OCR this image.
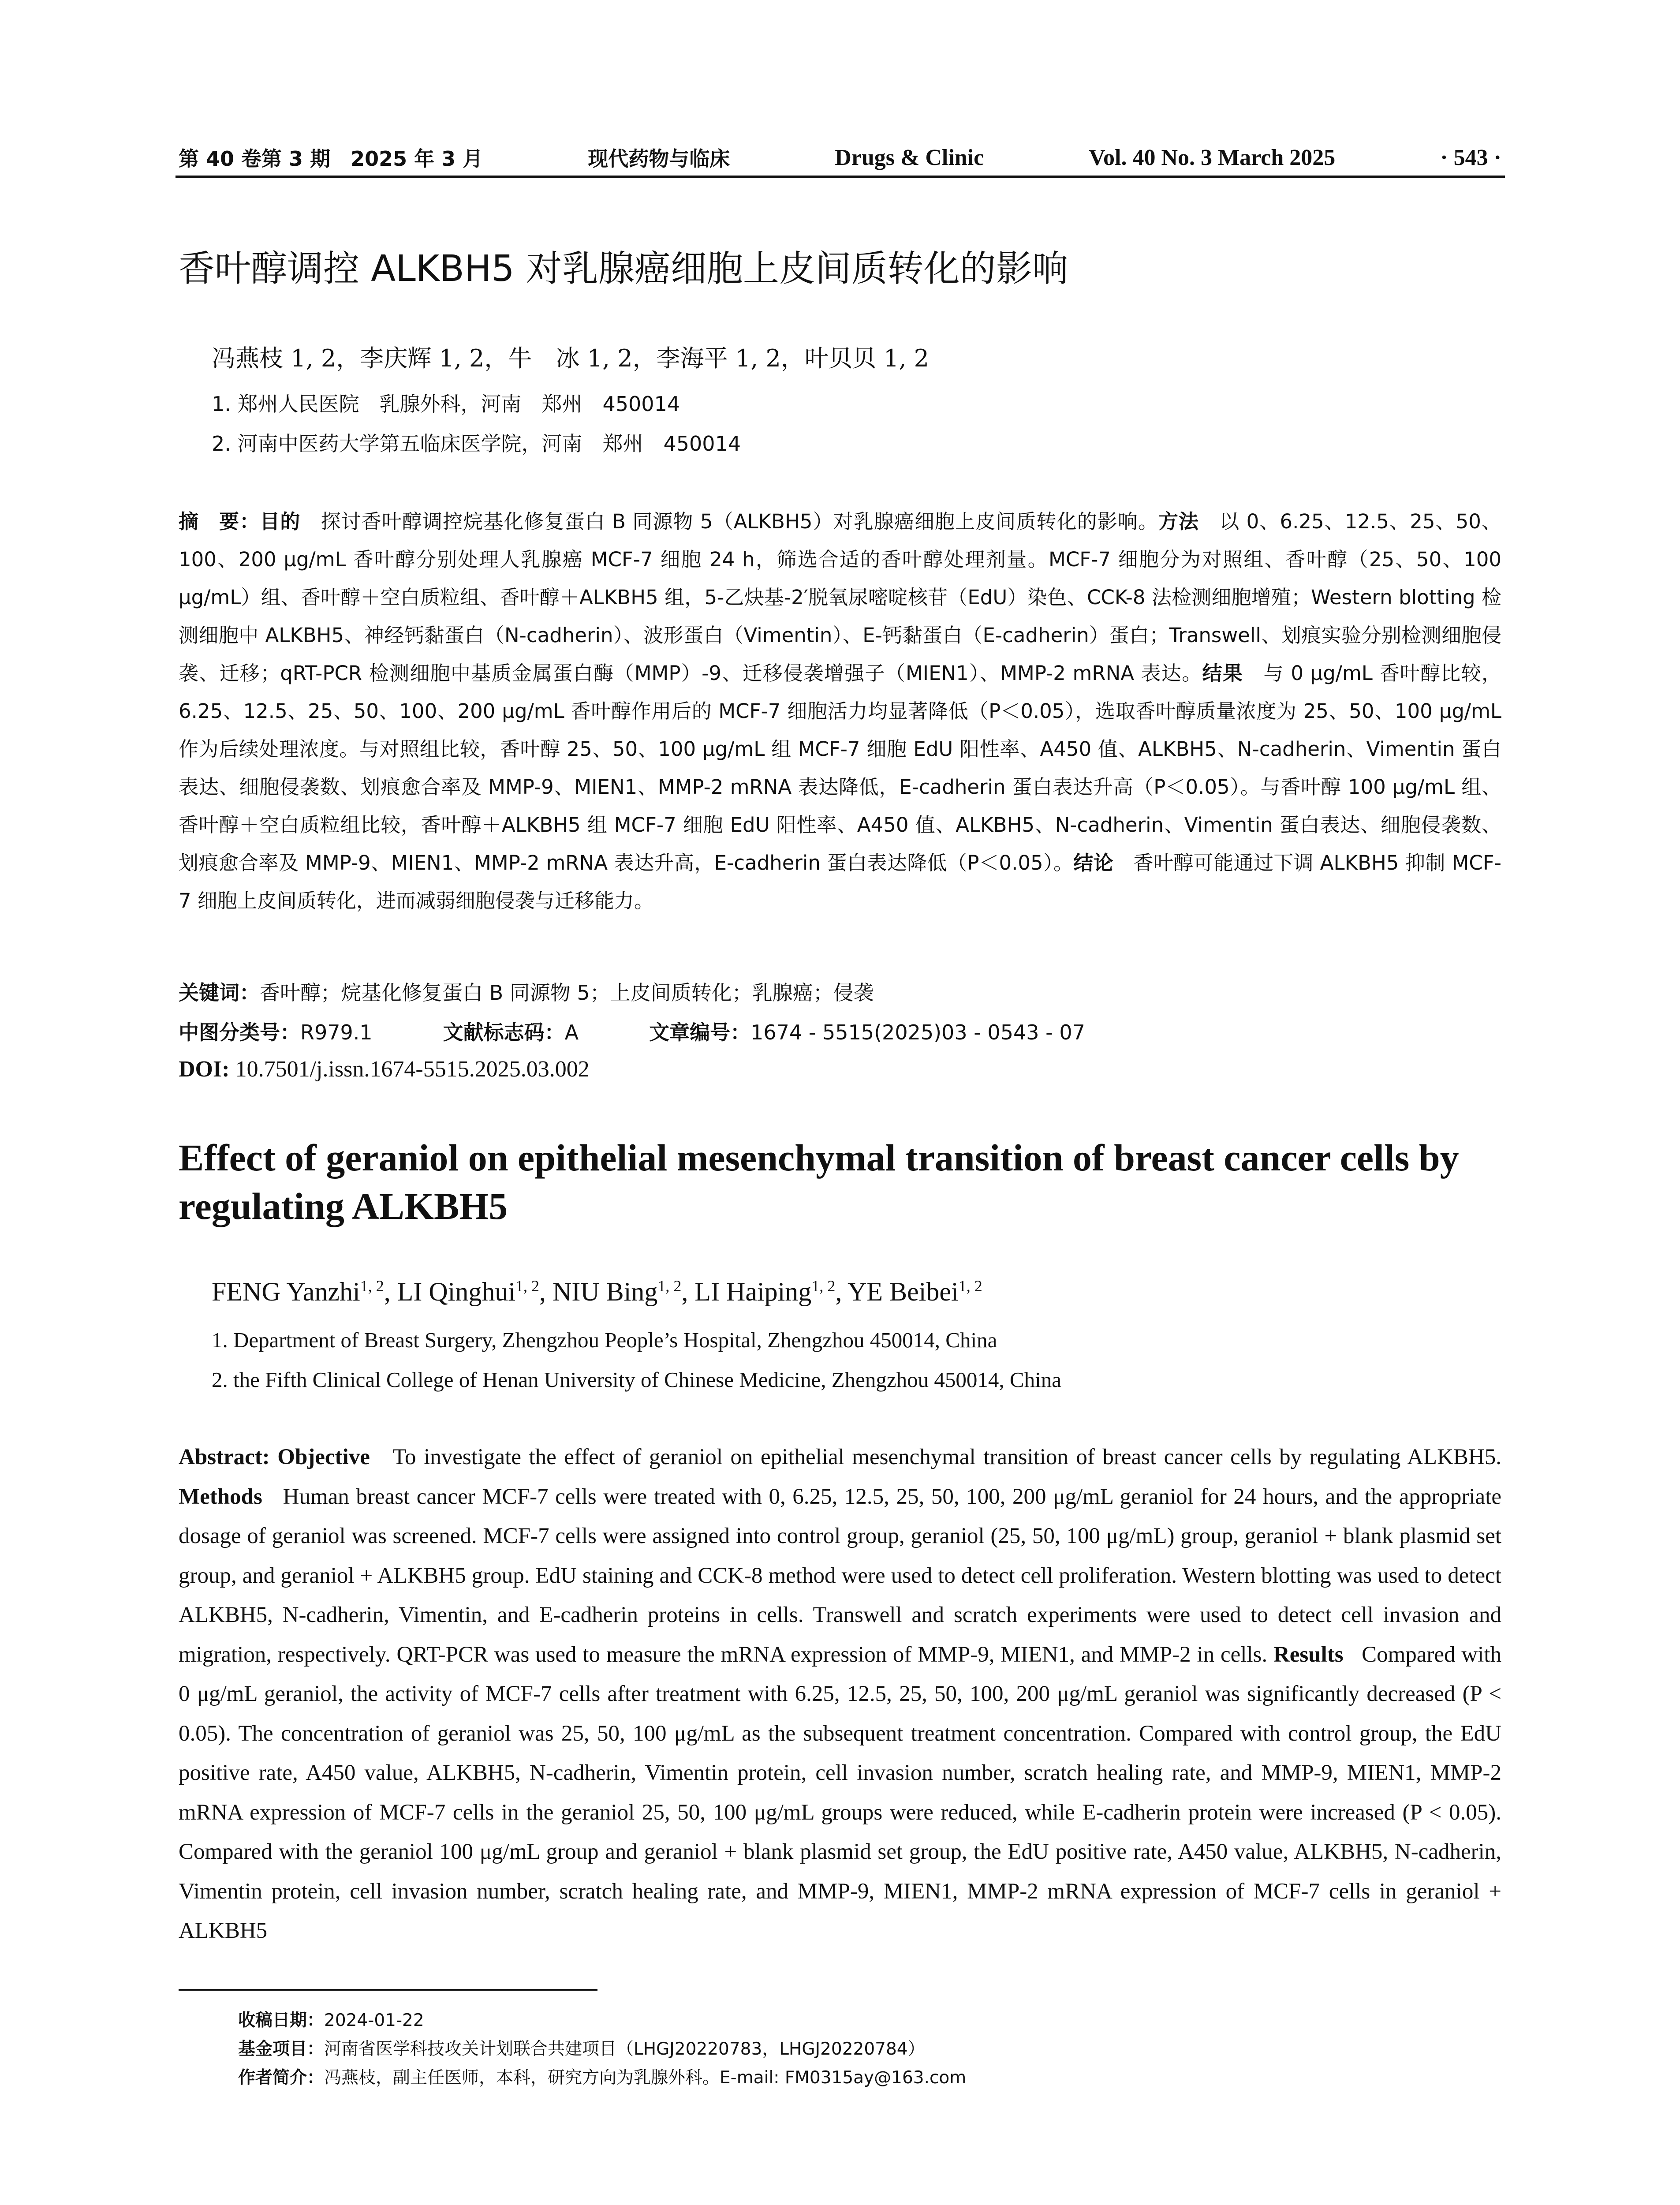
第 40 卷第 3 期　2025 年 3 月	现代药物与临床	Drugs & Clinic	Vol. 40 No. 3 March 2025	· 543 ·
香叶醇调控 ALKBH5 对乳腺癌细胞上皮间质转化的影响
冯燕枝 1, 2，李庆辉 1, 2，牛　冰 1, 2，李海平 1, 2，叶贝贝 1, 2
1. 郑州人民医院　乳腺外科，河南　郑州　450014
2. 河南中医药大学第五临床医学院，河南　郑州　450014
摘　要：目的　 探讨香叶醇调控烷基化修复蛋白 B 同源物 5（ALKBH5）对乳腺癌细胞上皮间质转化的影响。方法　 以 0、6.25、12.5、25、50、100、200 μg/mL 香叶醇分别处理人乳腺癌 MCF-7 细胞 24 h，筛选合适的香叶醇处理剂量。MCF-7 细胞分为对照组、香叶醇（25、50、100 μg/mL）组、香叶醇＋空白质粒组、香叶醇＋ALKBH5 组，5-乙炔基-2′脱氧尿嘧啶核苷（EdU）染色、CCK-8 法检测细胞增殖；Western blotting 检测细胞中 ALKBH5、神经钙黏蛋白（N-cadherin）、波形蛋白（Vimentin）、E-钙黏蛋白（E-cadherin）蛋白；Transwell、划痕实验分别检测细胞侵袭、迁移；qRT-PCR 检测细胞中基质金属蛋白酶（MMP）-9、迁移侵袭增强子（MIEN1）、MMP-2 mRNA 表达。结果　 与 0 μg/mL 香叶醇比较，6.25、12.5、25、50、100、200 μg/mL 香叶醇作用后的 MCF-7 细胞活力均显著降低（P＜0.05），选取香叶醇质量浓度为 25、50、100 μg/mL 作为后续处理浓度。与对照组比较，香叶醇 25、50、100 μg/mL 组 MCF-7 细胞 EdU 阳性率、A450 值、ALKBH5、N-cadherin、Vimentin 蛋白表达、细胞侵袭数、划痕愈合率及 MMP-9、MIEN1、MMP-2 mRNA 表达降低，E-cadherin 蛋白表达升高（P＜0.05）。与香叶醇 100 μg/mL 组、香叶醇＋空白质粒组比较，香叶醇＋ALKBH5 组 MCF-7 细胞 EdU 阳性率、A450 值、ALKBH5、N-cadherin、Vimentin 蛋白表达、细胞侵袭数、划痕愈合率及 MMP-9、MIEN1、MMP-2 mRNA 表达升高，E-cadherin 蛋白表达降低（P＜0.05）。结论　 香叶醇可能通过下调 ALKBH5 抑制 MCF-7 细胞上皮间质转化，进而减弱细胞侵袭与迁移能力。
关键词：香叶醇；烷基化修复蛋白 B 同源物 5；上皮间质转化；乳腺癌；侵袭
中图分类号：R979.1	文献标志码：A	文章编号：1674 - 5515(2025)03 - 0543 - 07
DOI: 10.7501/j.issn.1674-5515.2025.03.002
Effect of geraniol on epithelial mesenchymal transition of breast cancer cells by regulating ALKBH5
FENG Yanzhi$^{1, 2}$, LI Qinghui$^{1, 2}$, NIU Bing$^{1, 2}$, LI Haiping$^{1, 2}$, YE Beibei$^{1, 2}$
1. Department of Breast Surgery, Zhengzhou People’s Hospital, Zhengzhou 450014, China
2. the Fifth Clinical College of Henan University of Chinese Medicine, Zhengzhou 450014, China
Abstract: Objective To investigate the effect of geraniol on epithelial mesenchymal transition of breast cancer cells by regulating ALKBH5. Methods Human breast cancer MCF-7 cells were treated with 0, 6.25, 12.5, 25, 50, 100, 200 μg/mL geraniol for 24 hours, and the appropriate dosage of geraniol was screened. MCF-7 cells were assigned into control group, geraniol (25, 50, 100 μg/mL) group, geraniol + blank plasmid set group, and geraniol + ALKBH5 group. EdU staining and CCK-8 method were used to detect cell proliferation. Western blotting was used to detect ALKBH5, N-cadherin, Vimentin, and E-cadherin proteins in cells. Transwell and scratch experiments were used to detect cell invasion and migration, respectively. QRT-PCR was used to measure the mRNA expression of MMP-9, MIEN1, and MMP-2 in cells. Results Compared with 0 μg/mL geraniol, the activity of MCF-7 cells after treatment with 6.25, 12.5, 25, 50, 100, 200 μg/mL geraniol was significantly decreased (P < 0.05). The concentration of geraniol was 25, 50, 100 μg/mL as the subsequent treatment concentration. Compared with control group, the EdU positive rate, A450 value, ALKBH5, N-cadherin, Vimentin protein, cell invasion number, scratch healing rate, and MMP-9, MIEN1, MMP-2 mRNA expression of MCF-7 cells in the geraniol 25, 50, 100 μg/mL groups were reduced, while E-cadherin protein were increased (P < 0.05). Compared with the geraniol 100 μg/mL group and geraniol + blank plasmid set group, the EdU positive rate, A450 value, ALKBH5, N-cadherin, Vimentin protein, cell invasion number, scratch healing rate, and MMP-9, MIEN1, MMP-2 mRNA expression of MCF-7 cells in geraniol + ALKBH5
收稿日期：2024-01-22
基金项目：河南省医学科技攻关计划联合共建项目（LHGJ20220783，LHGJ20220784）
作者简介：冯燕枝，副主任医师，本科，研究方向为乳腺外科。E-mail: FM0315ay@163.com
